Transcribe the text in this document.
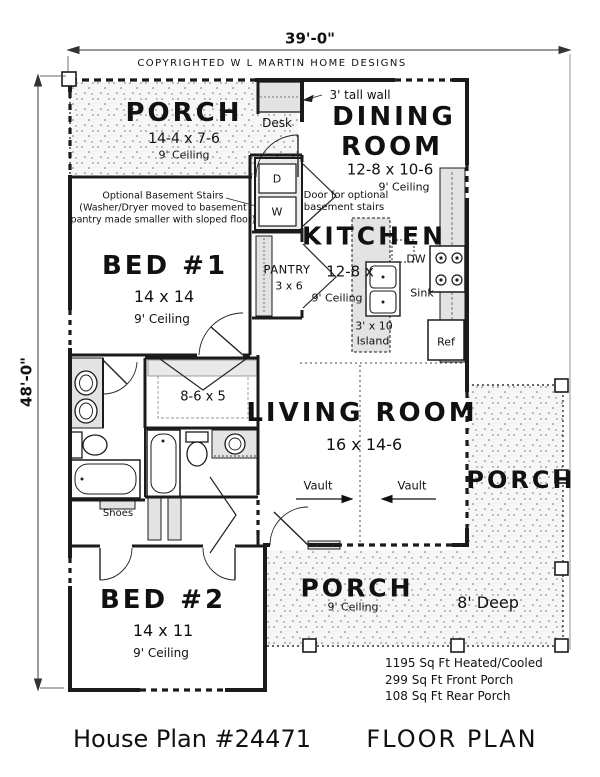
39'-0"
COPYRIGHTED W L MARTIN HOME DESIGNS
48'-0"
PORCH
14-4 x 7-6
9' Ceiling
Desk
3' tall wall
DINING
ROOM
12-8 x 10-6
9' Ceiling
Optional Basement Stairs
(Washer/Dryer moved to basement
pantry made smaller with sloped floor)
Door for optional
basement stairs
D
W
BED #1
14 x 14
9' Ceiling
PANTRY
3 x 6
KITCHEN
12-8 x
9' Ceiling
3' x 10
Island
DW
Sink
Ref
8-6 x 5
Shoes
LIVING ROOM
16 x 14-6
Vault	Vault PORCH
PORCH
9' Ceiling	8' Deep
BED #2
14 x 11
9' Ceiling
1195 Sq Ft Heated/Cooled
299 Sq Ft Front Porch
108 Sq Ft Rear Porch
House Plan #24471 FLOOR PLAN
